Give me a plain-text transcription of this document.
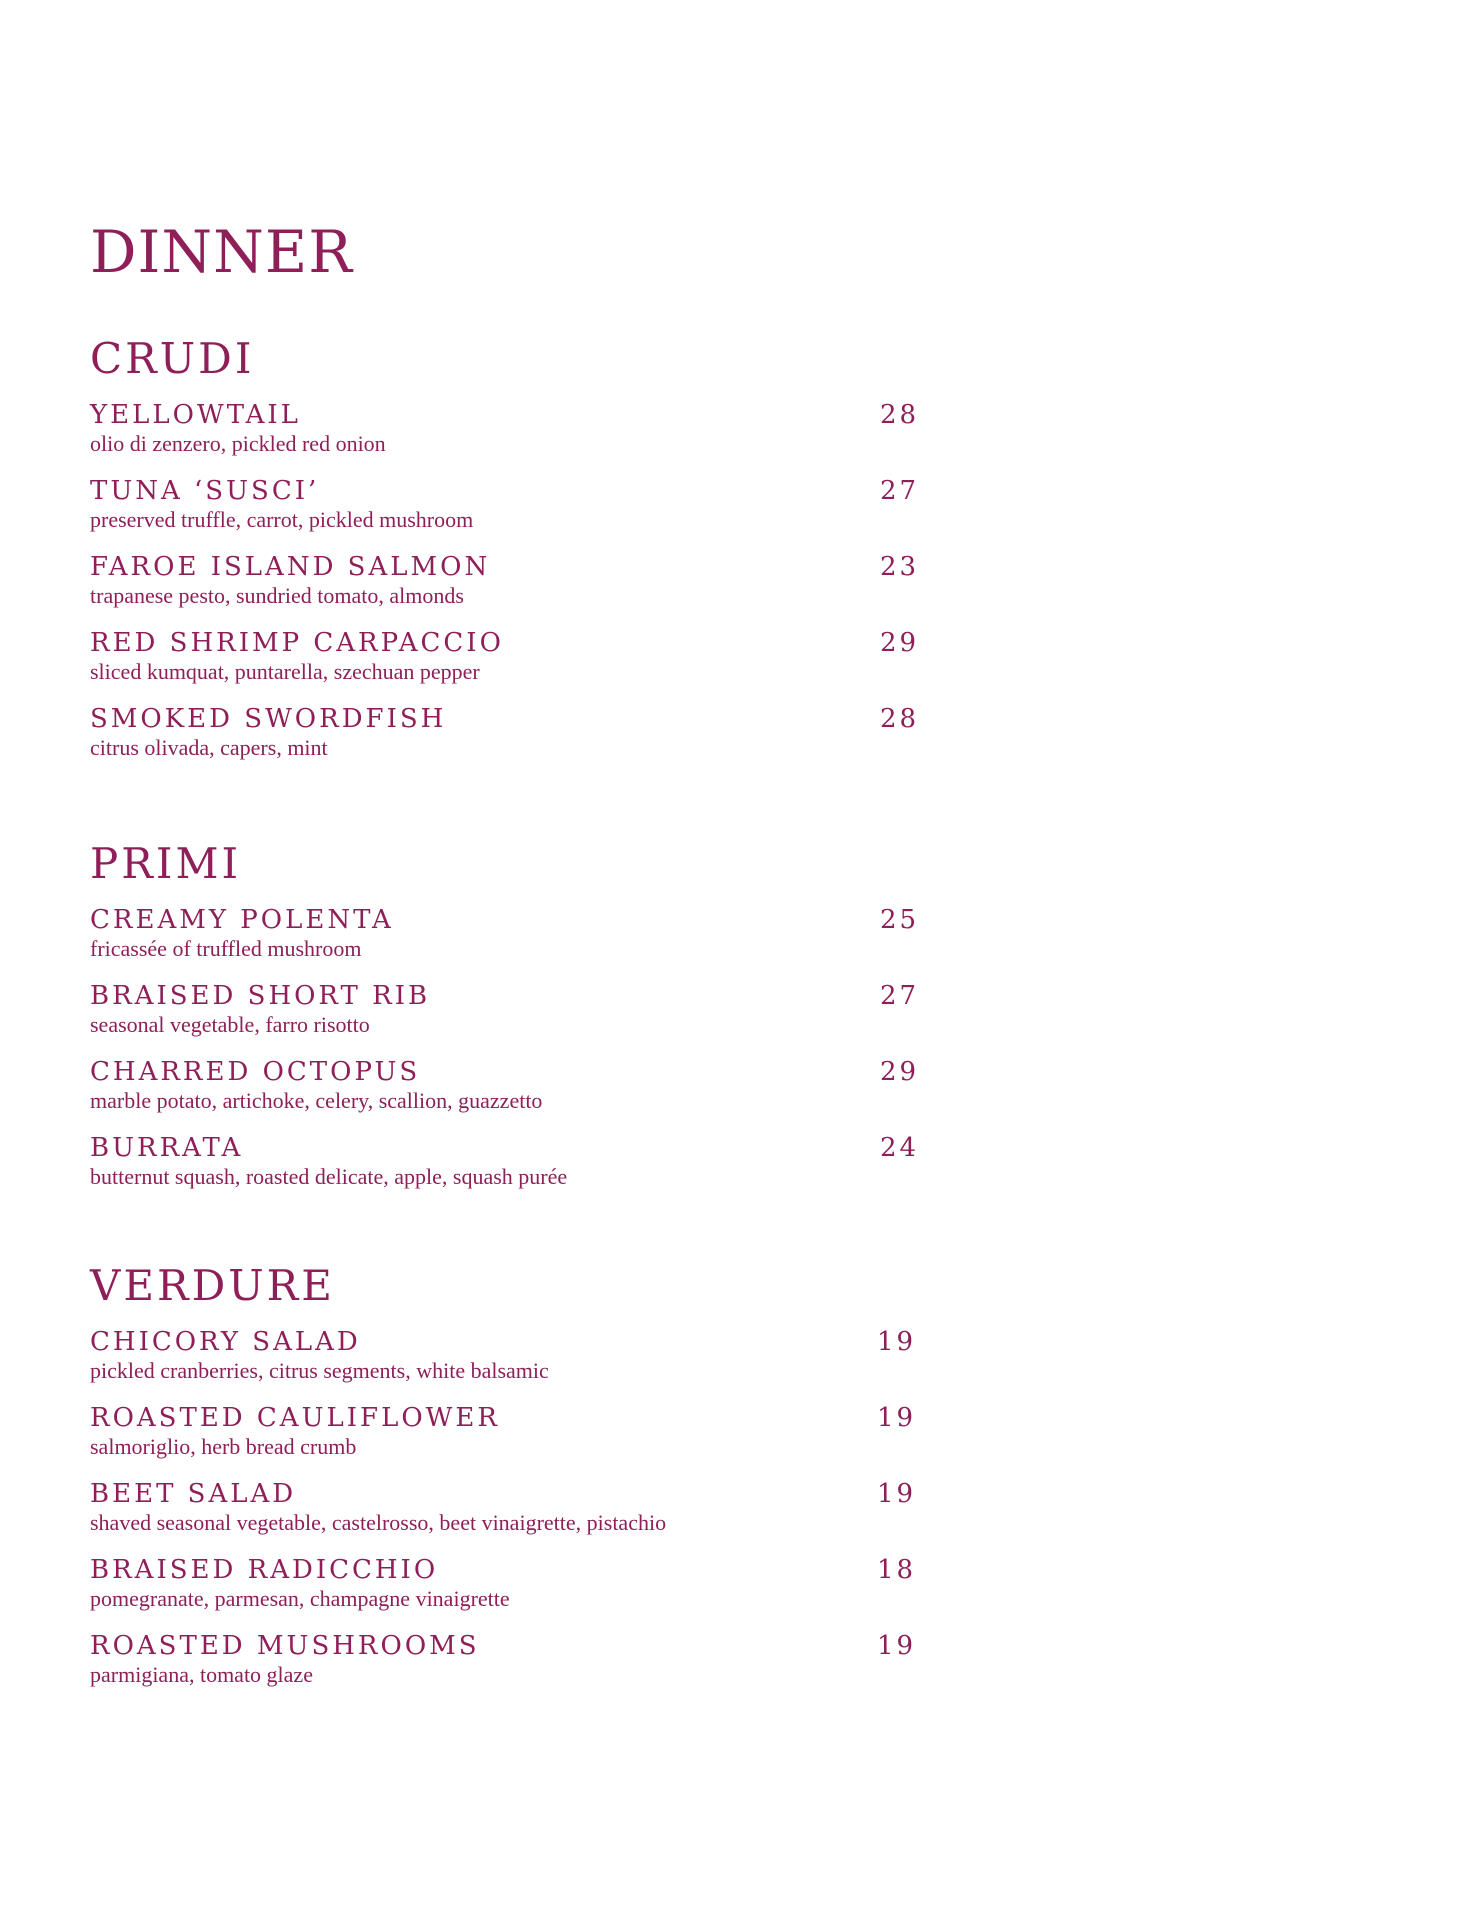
DINNER
CRUDI
YELLOWTAIL
olio di zenzero, pickled red onion
28
TUNA ‘SUSCI’
preserved truffle, carrot, pickled mushroom
27
FAROE ISLAND SALMON
trapanese pesto, sundried tomato, almonds
23
RED SHRIMP CARPACCIO
sliced kumquat, puntarella, szechuan pepper
29
SMOKED SWORDFISH
citrus olivada, capers, mint
28
PRIMI
CREAMY POLENTA
fricassée of truffled mushroom
25
BRAISED SHORT RIB
seasonal vegetable, farro risotto
27
CHARRED OCTOPUS
marble potato, artichoke, celery, scallion, guazzetto
29
BURRATA
butternut squash, roasted delicate, apple, squash purée
24
VERDURE
CHICORY SALAD
pickled cranberries, citrus segments, white balsamic
19
ROASTED CAULIFLOWER
salmoriglio, herb bread crumb
19
BEET SALAD
shaved seasonal vegetable, castelrosso, beet vinaigrette, pistachio
19
BRAISED RADICCHIO
pomegranate, parmesan, champagne vinaigrette
18
ROASTED MUSHROOMS
parmigiana, tomato glaze
19
